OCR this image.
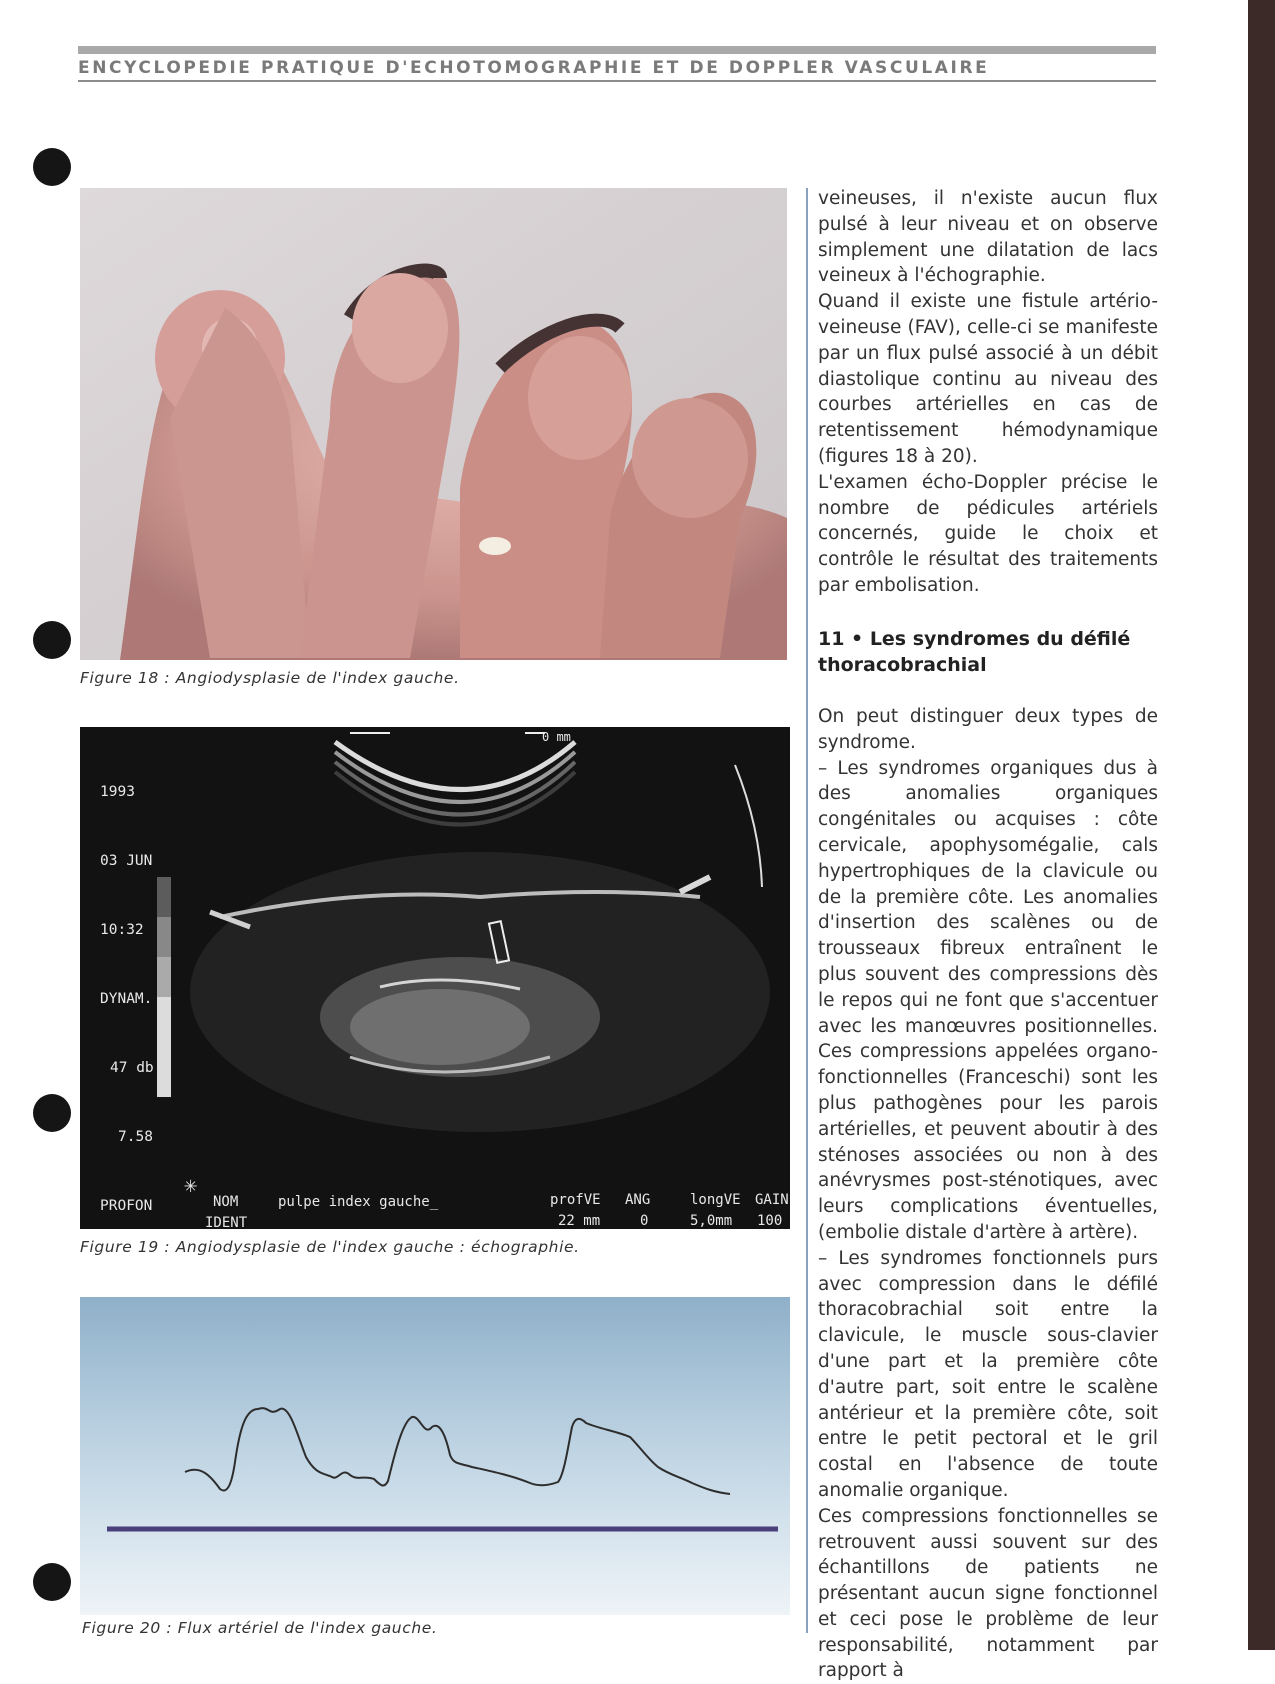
ENCYCLOPEDIE PRATIQUE D'ECHOTOMOGRAPHIE ET DE DOPPLER VASCULAIRE
Figure 18 : Angiodysplasie de l'index gauche.

1993

03 JUN

10:32

DYNAM.

47 db

7.58

PROFON

0 mm
✳
NOM
IDENT
pulpe index gauche_	profVE
22 mm
ANG
0
longVE
5,0mm
GAIN
100
Figure 19 : Angiodysplasie de l'index gauche : échographie.
Figure 20 : Flux artériel de l'index gauche.

veineuses, il n'existe aucun flux pulsé à leur niveau et on observe simplement une dilatation de lacs veineux à l'échographie.

Quand il existe une fistule artério-veineuse (FAV), celle-ci se manifeste par un flux pulsé associé à un débit diastolique continu au niveau des courbes artérielles en cas de retentissement hémodynamique (figures 18 à 20).

L'examen écho-Doppler précise le nombre de pédicules artériels concernés, guide le choix et contrôle le résultat des traitements par embolisation.

11 • Les syndromes du défilé thoracobrachial

On peut distinguer deux types de syndrome.

– Les syndromes organiques dus à des anomalies organiques congénitales ou acquises : côte cervicale, apophysomégalie, cals hypertrophiques de la clavicule ou de la première côte. Les anomalies d'insertion des scalènes ou de trousseaux fibreux entraînent le plus souvent des compressions dès le repos qui ne font que s'accentuer avec les manœuvres positionnelles. Ces compressions appelées organo-fonctionnelles (Franceschi) sont les plus pathogènes pour les parois artérielles, et peuvent aboutir à des sténoses associées ou non à des anévrysmes post-sténotiques, avec leurs complications éventuelles, (embolie distale d'artère à artère).

– Les syndromes fonctionnels purs avec compression dans le défilé thoracobrachial soit entre la clavicule, le muscle sous-clavier d'une part et la première côte d'autre part, soit entre le scalène antérieur et la première côte, soit entre le petit pectoral et le gril costal en l'absence de toute anomalie organique.

Ces compressions fonctionnelles se retrouvent aussi souvent sur des échantillons de patients ne présentant aucun signe fonctionnel et ceci pose le problème de leur responsabilité, notamment par rapport à
